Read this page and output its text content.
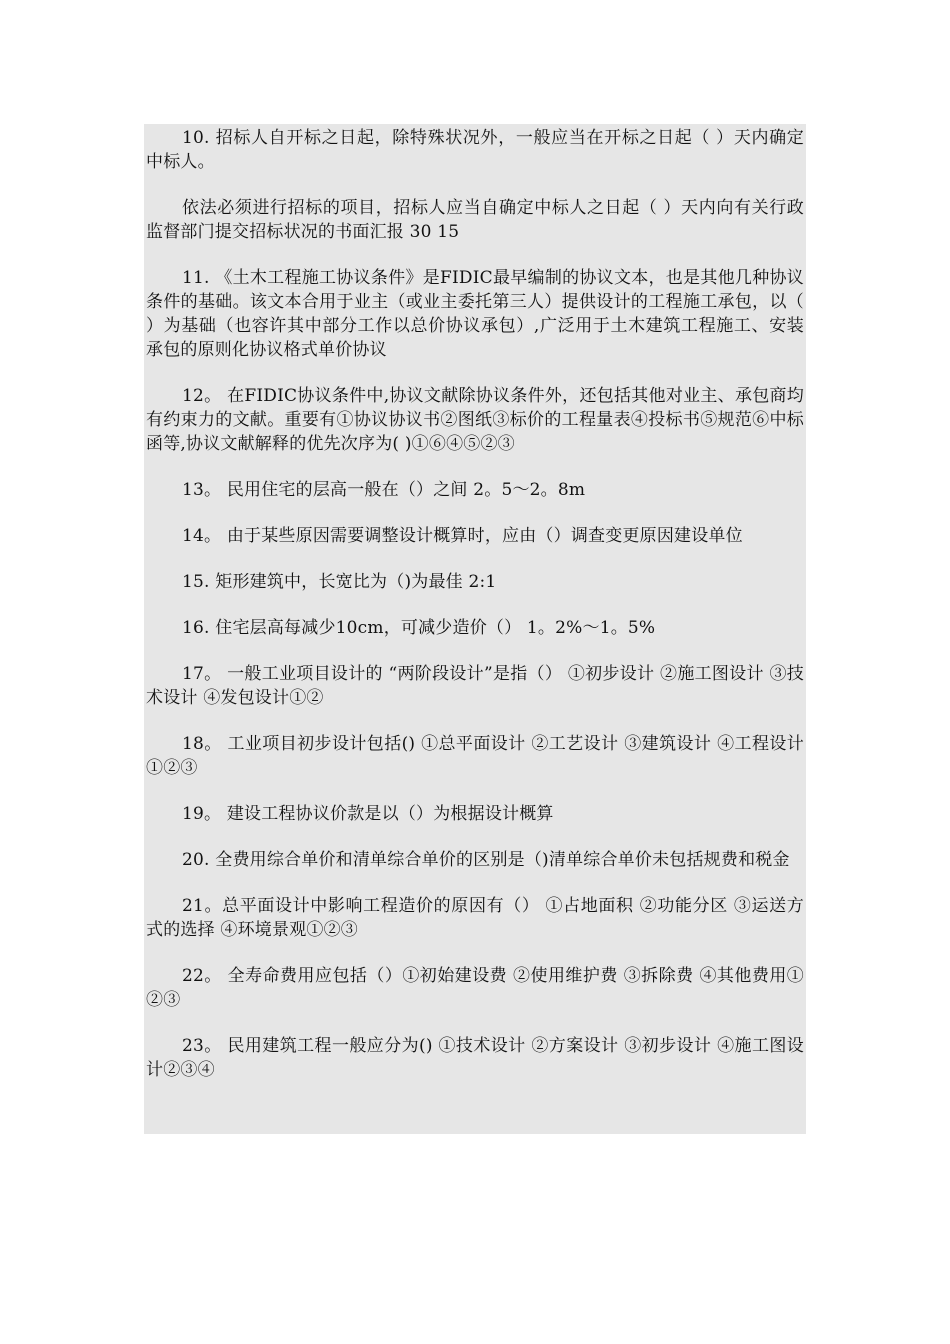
10. 招标人自开标之日起，除特殊状况外，一般应当在开标之日起（ ）天内确定中标人。

依法必须进行招标的项目，招标人应当自确定中标人之日起（ ）天内向有关行政监督部门提交招标状况的书面汇报 30 15

11. 《土木工程施工协议条件》是FIDIC最早编制的协议文本，也是其他几种协议条件的基础。该文本合用于业主（或业主委托第三人）提供设计的工程施工承包，以（ ）为基础（也容许其中部分工作以总价协议承包）,广泛用于土木建筑工程施工、安装承包的原则化协议格式单价协议

12。 在FIDIC协议条件中,协议文献除协议条件外，还包括其他对业主、承包商均有约束力的文献。重要有①协议协议书②图纸③标价的工程量表④投标书⑤规范⑥中标函等,协议文献解释的优先次序为( )①⑥④⑤②③

13。 民用住宅的层高一般在（）之间 2。5～2。8m

14。 由于某些原因需要调整设计概算时，应由（）调查变更原因建设单位

15. 矩形建筑中，长宽比为（)为最佳 2:1

16. 住宅层高每减少10cm，可减少造价（） 1。2%～1。5%

17。 一般工业项目设计的 “两阶段设计”是指（） ①初步设计 ②施工图设计 ③技术设计 ④发包设计①②

18。 工业项目初步设计包括() ①总平面设计 ②工艺设计 ③建筑设计 ④工程设计①②③

19。 建设工程协议价款是以（）为根据设计概算

20. 全费用综合单价和清单综合单价的区别是（)清单综合单价未包括规费和税金

21。总平面设计中影响工程造价的原因有（） ①占地面积 ②功能分区 ③运送方式的选择 ④环境景观①②③

22。 全寿命费用应包括（）①初始建设费 ②使用维护费 ③拆除费 ④其他费用①②③

23。 民用建筑工程一般应分为() ①技术设计 ②方案设计 ③初步设计 ④施工图设计②③④
